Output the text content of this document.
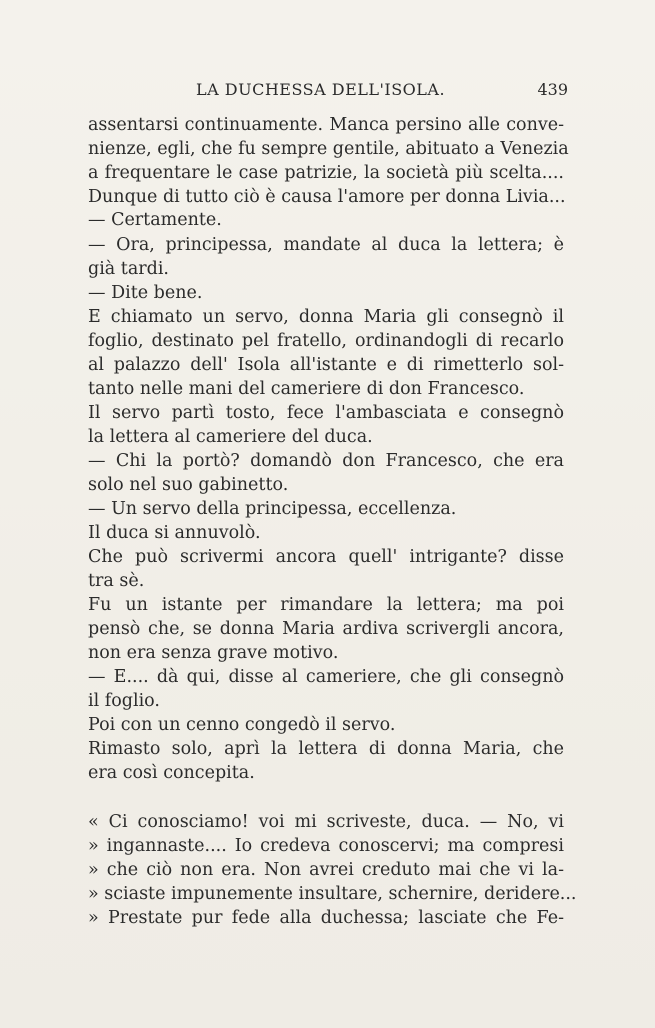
LA DUCHESSA DELL'ISOLA.	439
assentarsi continuamente. Manca persino alle conve-
nienze, egli, che fu sempre gentile, abituato a Venezia
a frequentare le case patrizie, la società più scelta....
Dunque di tutto ciò è causa l'amore per donna Livia...
— Certamente.
— Ora, principessa, mandate al duca la lettera; è
già tardi.
— Dite bene.
E chiamato un servo, donna Maria gli consegnò il
foglio, destinato pel fratello, ordinandogli di recarlo
al palazzo dell' Isola all'istante e di rimetterlo sol-
tanto nelle mani del cameriere di don Francesco.
Il servo partì tosto, fece l'ambasciata e consegnò
la lettera al cameriere del duca.
— Chi la portò? domandò don Francesco, che era
solo nel suo gabinetto.
— Un servo della principessa, eccellenza.
Il duca si annuvolò.
Che può scrivermi ancora quell' intrigante? disse
tra sè.
Fu un istante per rimandare la lettera; ma poi
pensò che, se donna Maria ardiva scrivergli ancora,
non era senza grave motivo.
— E.... dà qui, disse al cameriere, che gli consegnò
il foglio.
Poi con un cenno congedò il servo.
Rimasto solo, aprì la lettera di donna Maria, che
era così concepita.
« Ci conosciamo! voi mi scriveste, duca. — No, vi
» ingannaste.... Io credeva conoscervi; ma compresi
» che ciò non era. Non avrei creduto mai che vi la-
» sciaste impunemente insultare, schernire, deridere...
» Prestate pur fede alla duchessa; lasciate che Fe-
